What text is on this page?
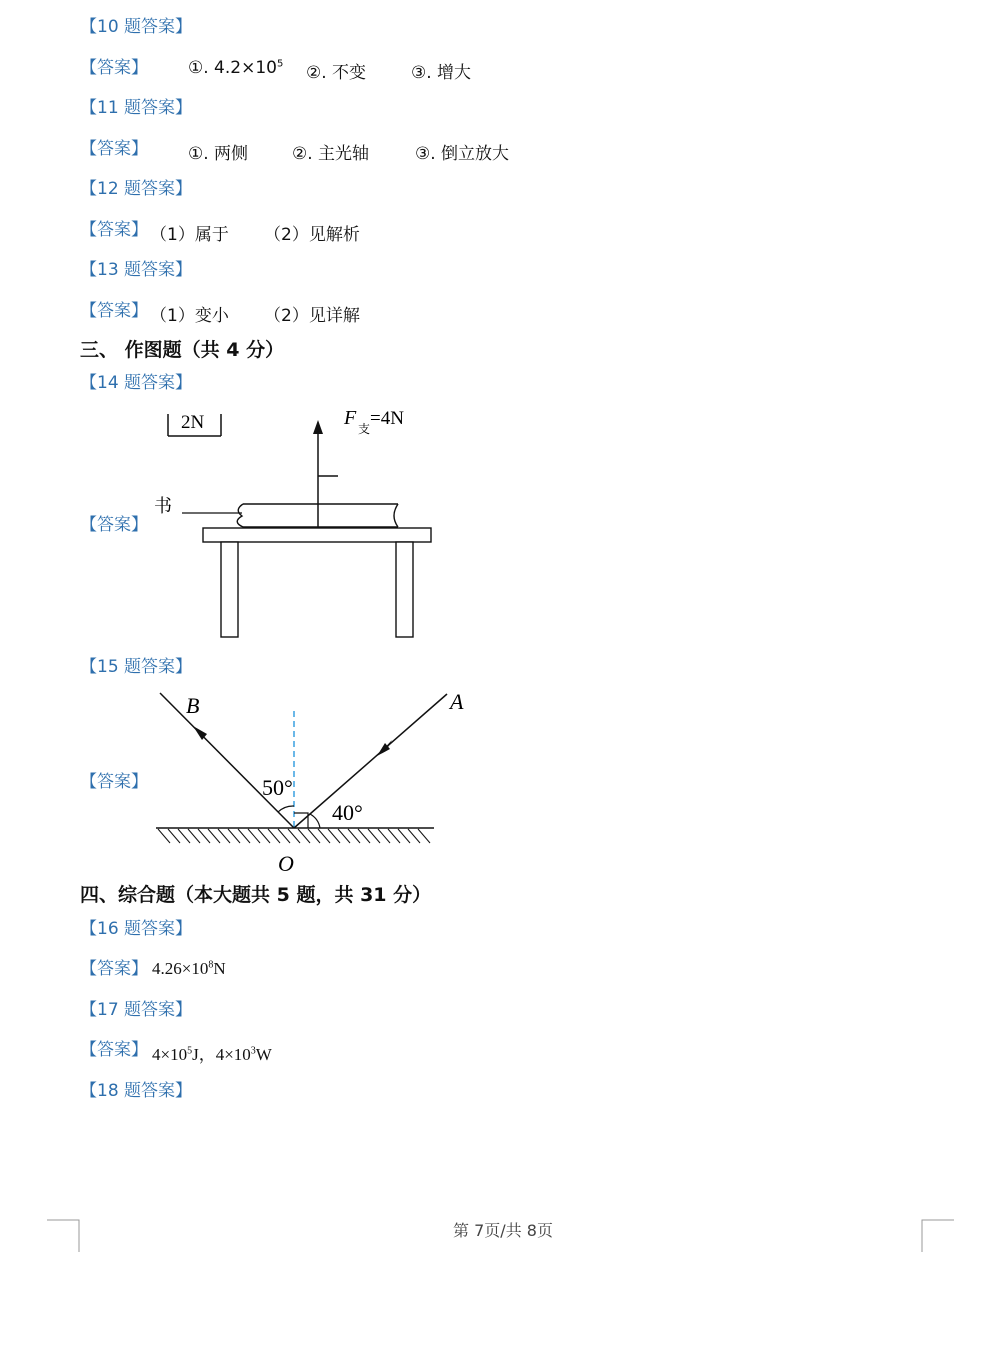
【10 题答案】
【答案】 ①. $4.2\times 10^5$ ②. 不变	③. 增大
【11 题答案】
【答案】 ①. 两侧	②. 主光轴	③. 倒立放大
【12 题答案】
【答案】 （1）属于 （2）见解析
【13 题答案】
【答案】 （1）变小 （2）见详解
三、 作图题（共 4 分）
【14 题答案】
【答案】
2N	F 支 =4N
书
【15 题答案】
【答案】
B	A
O
50°
40°
四、综合题（本大题共 5 题，共 31 分）
【16 题答案】
【答案】 $4.26\times 10^8N$
【17 题答案】
【答案】 $4\times 10^5J$，$4\times 10^3W$
【18 题答案】
第 7页/共 8页
